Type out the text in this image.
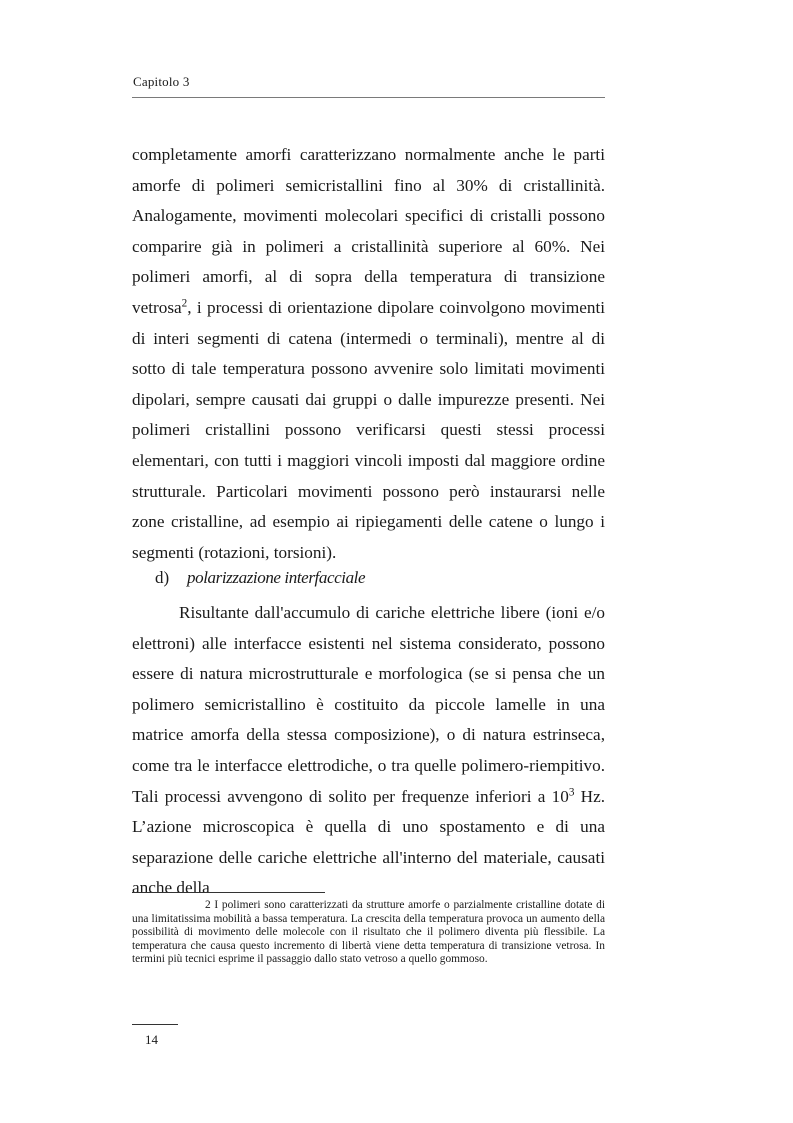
Capitolo 3
completamente amorfi caratterizzano normalmente anche le parti amorfe di polimeri semicristallini fino al 30% di cristallinità. Analogamente, movimenti molecolari specifici di cristalli possono comparire già in polimeri a cristallinità superiore al 60%. Nei polimeri amorfi, al di sopra della temperatura di transizione vetrosa$^2$, i processi di orientazione dipolare coinvolgono movimenti di interi segmenti di catena (intermedi o terminali), mentre al di sotto di tale temperatura possono avvenire solo limitati movimenti dipolari, sempre causati dai gruppi o dalle impurezze presenti. Nei polimeri cristallini possono verificarsi questi stessi processi elementari, con tutti i maggiori vincoli imposti dal maggiore ordine strutturale. Particolari movimenti possono però instaurarsi nelle zone cristalline, ad esempio ai ripiegamenti delle catene o lungo i segmenti (rotazioni, torsioni).
d) polarizzazione interfacciale
Risultante dall'accumulo di cariche elettriche libere (ioni e/o elettroni) alle interfacce esistenti nel sistema considerato, possono essere di natura microstrutturale e morfologica (se si pensa che un polimero semicristallino è costituito da piccole lamelle in una matrice amorfa della stessa composizione), o di natura estrinseca, come tra le interfacce elettrodiche, o tra quelle polimero-riempitivo. Tali processi avvengono di solito per frequenze inferiori a $10^3$ Hz. L’azione microscopica è quella di uno spostamento e di una separazione delle cariche elettriche all'interno del materiale, causati anche della
2 I polimeri sono caratterizzati da strutture amorfe o parzialmente cristalline dotate di una limitatissima mobilità a bassa temperatura. La crescita della temperatura provoca un aumento della possibilità di movimento delle molecole con il risultato che il polimero diventa più flessibile. La temperatura che causa questo incremento di libertà viene detta temperatura di transizione vetrosa. In termini più tecnici esprime il passaggio dallo stato vetroso a quello gommoso.
14
